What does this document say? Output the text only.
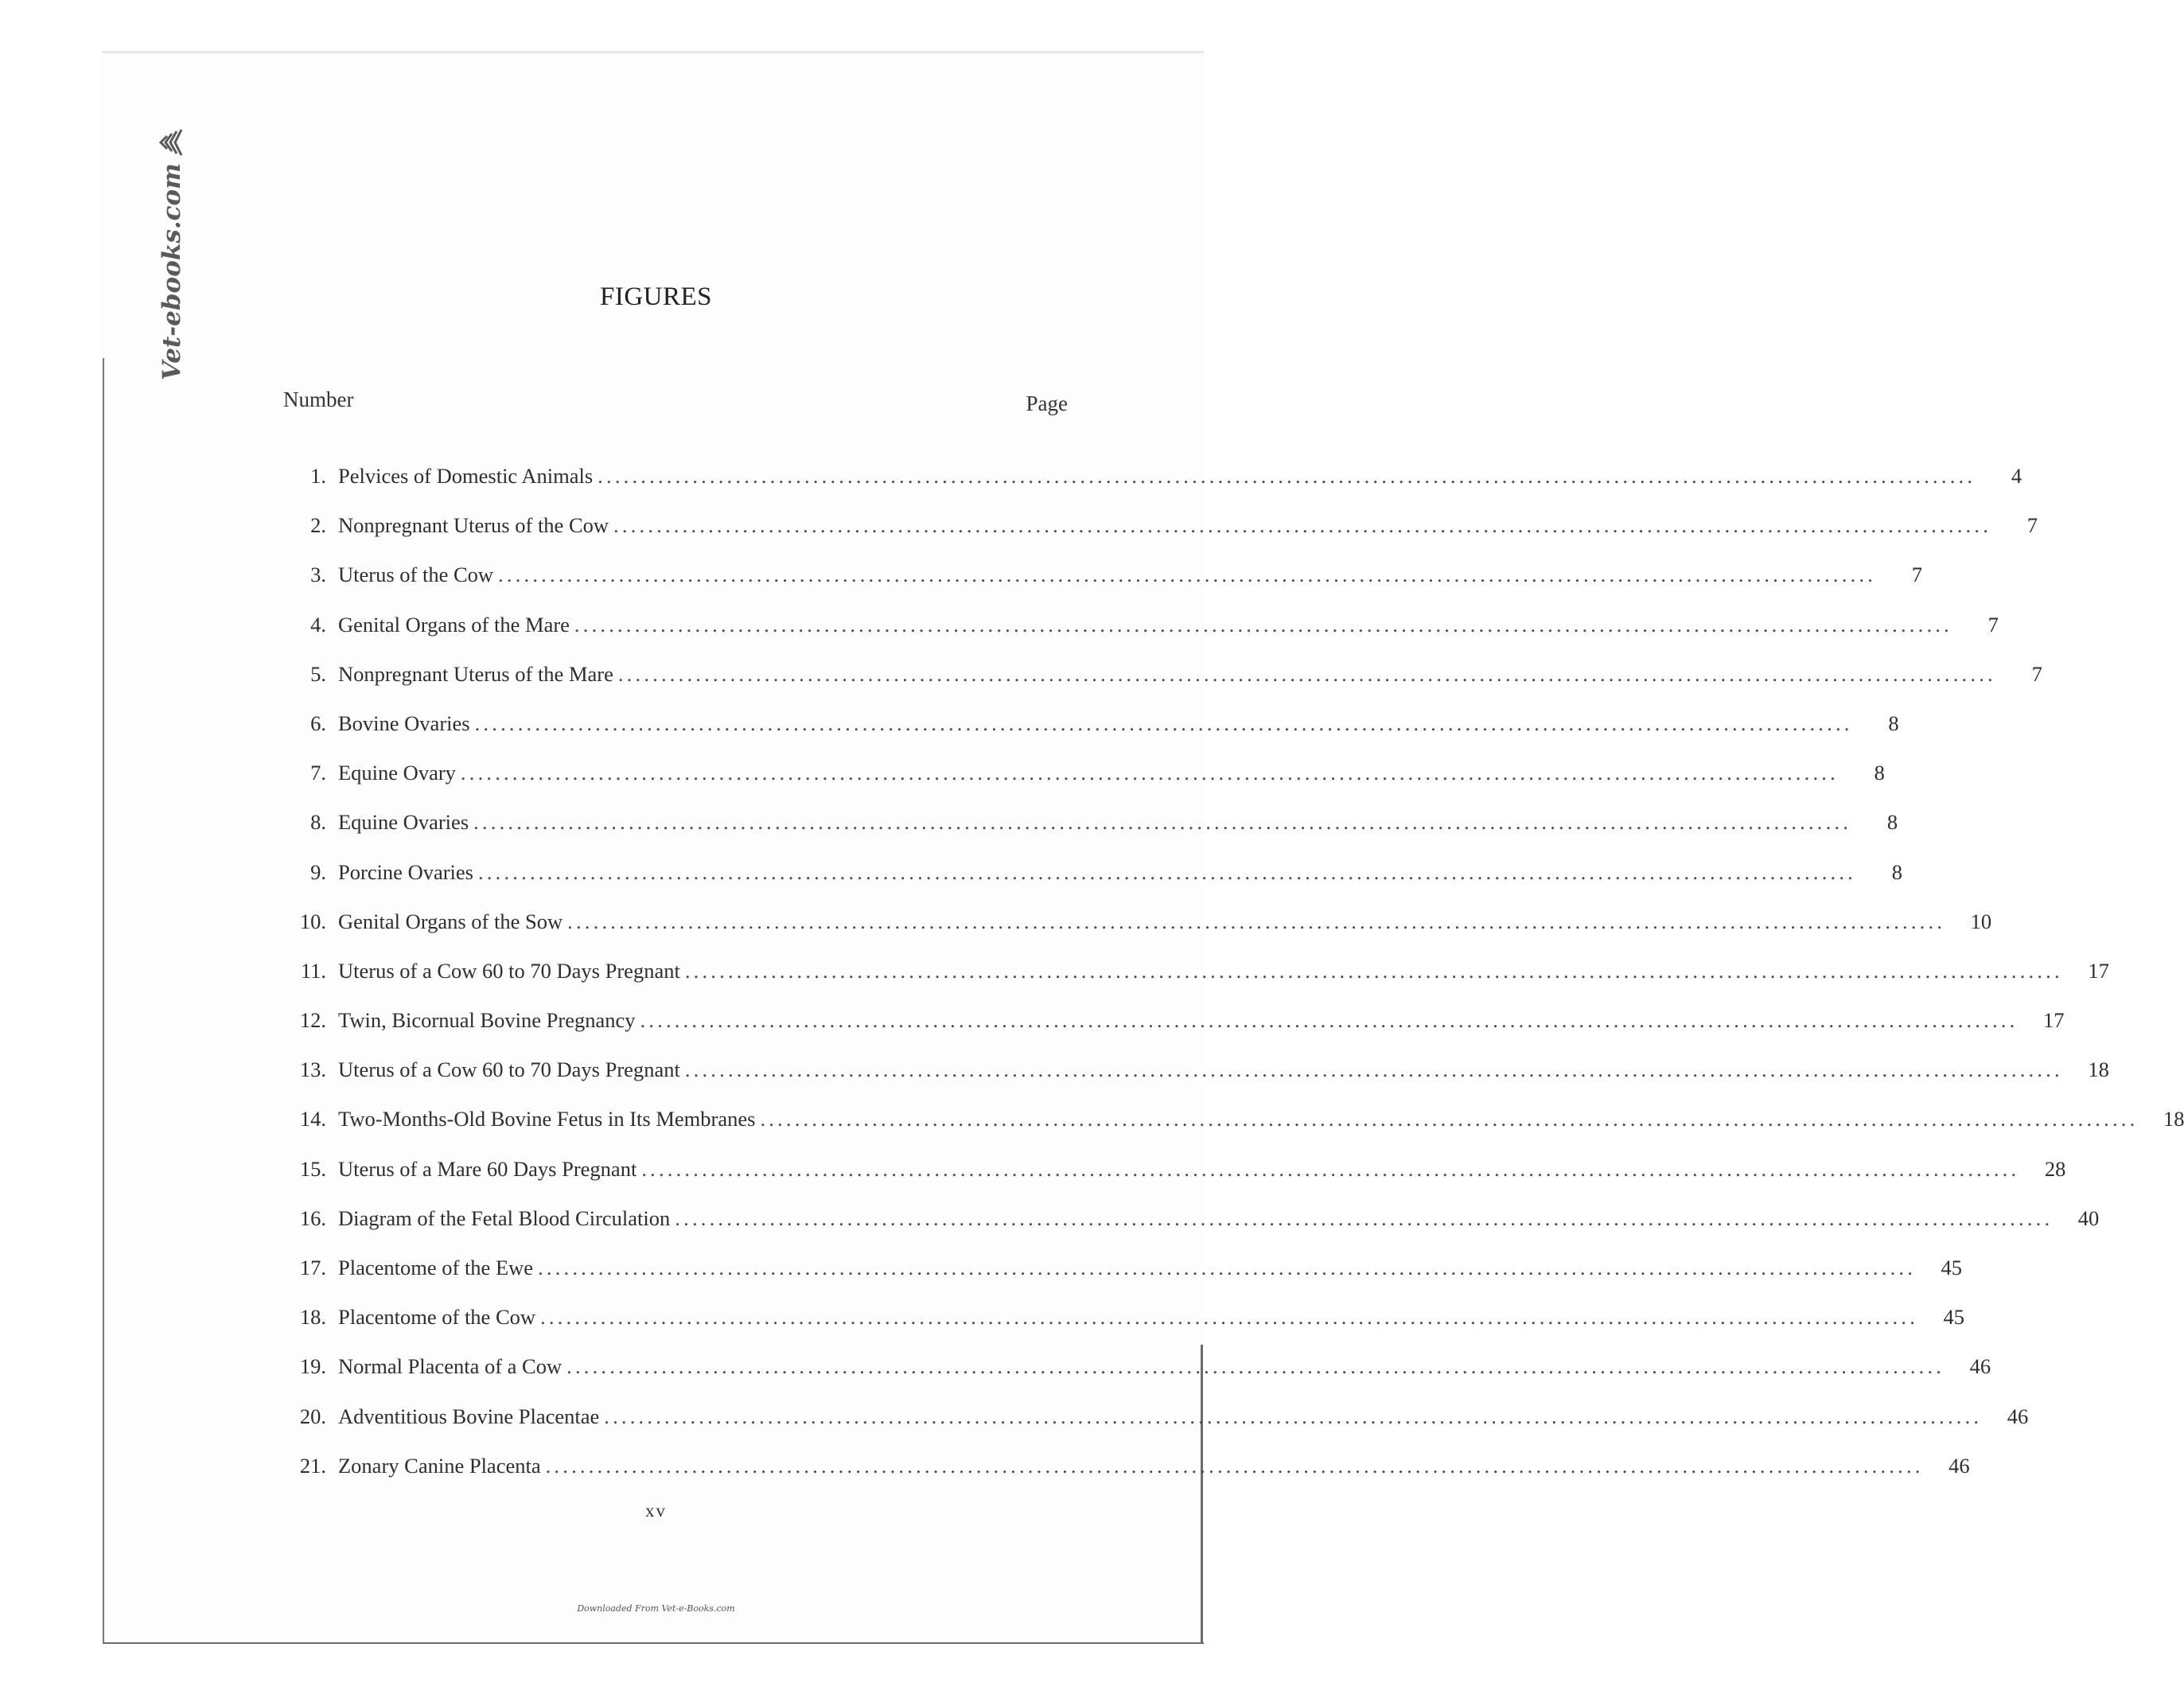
Vet-ebooks.com	FIGURES
Number	Page
1. Pelvices of Domestic Animals ................................................................................................................................................................	4
2. Nonpregnant Uterus of the Cow ................................................................................................................................................................	7
3. Uterus of the Cow ................................................................................................................................................................	7
4. Genital Organs of the Mare ................................................................................................................................................................	7
5. Nonpregnant Uterus of the Mare ................................................................................................................................................................	7
6. Bovine Ovaries ................................................................................................................................................................	8
7. Equine Ovary ................................................................................................................................................................	8
8. Equine Ovaries ................................................................................................................................................................	8
9. Porcine Ovaries ................................................................................................................................................................	8
10. Genital Organs of the Sow ................................................................................................................................................................	10
11. Uterus of a Cow 60 to 70 Days Pregnant ................................................................................................................................................................	17
12. Twin, Bicornual Bovine Pregnancy ................................................................................................................................................................	17
13. Uterus of a Cow 60 to 70 Days Pregnant ................................................................................................................................................................	18
14. Two-Months-Old Bovine Fetus in Its Membranes ................................................................................................................................................................	18
15. Uterus of a Mare 60 Days Pregnant ................................................................................................................................................................	28
16. Diagram of the Fetal Blood Circulation ................................................................................................................................................................	40
17. Placentome of the Ewe ................................................................................................................................................................	45
18. Placentome of the Cow ................................................................................................................................................................	45
19. Normal Placenta of a Cow ................................................................................................................................................................	46
20. Adventitious Bovine Placentae ................................................................................................................................................................	46
21. Zonary Canine Placenta ................................................................................................................................................................	46
xv
Downloaded From Vet-e-Books.com
